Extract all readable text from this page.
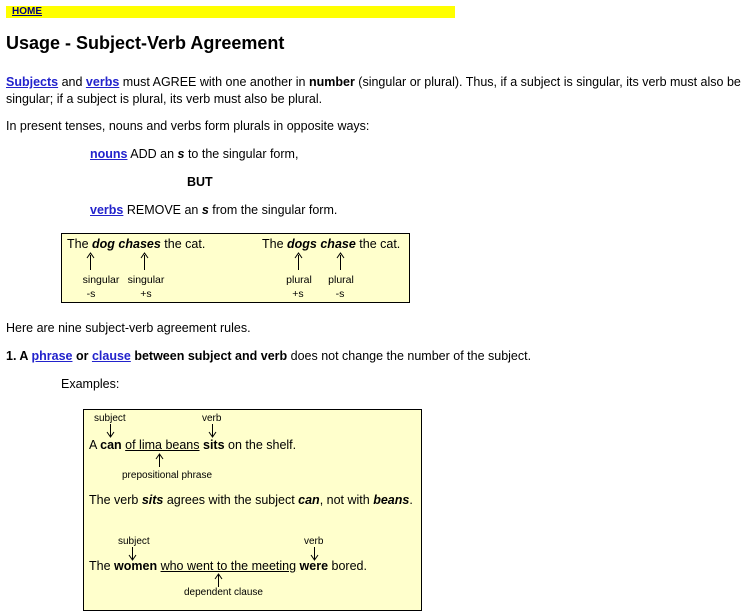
HOME
Usage - Subject-Verb Agreement
Subjects and verbs must AGREE with one another in number (singular or plural). Thus, if a subject is singular, its verb must also be
singular; if a subject is plural, its verb must also be plural.
In present tenses, nouns and verbs form plurals in opposite ways:
nouns ADD an s to the singular form,
BUT
verbs REMOVE an s from the singular form.
The dog chases the cat.	The dogs chase the cat.
singular
-s
singular
+s
plural
+s
plural
-s
Here are nine subject-verb agreement rules.
1. A phrase or clause between subject and verb does not change the number of the subject.
Examples:
subject	verb
A can of lima beans sits on the shelf.
prepositional phrase
The verb sits agrees with the subject can, not with beans.
subject	verb
The women who went to the meeting were bored.
dependent clause
